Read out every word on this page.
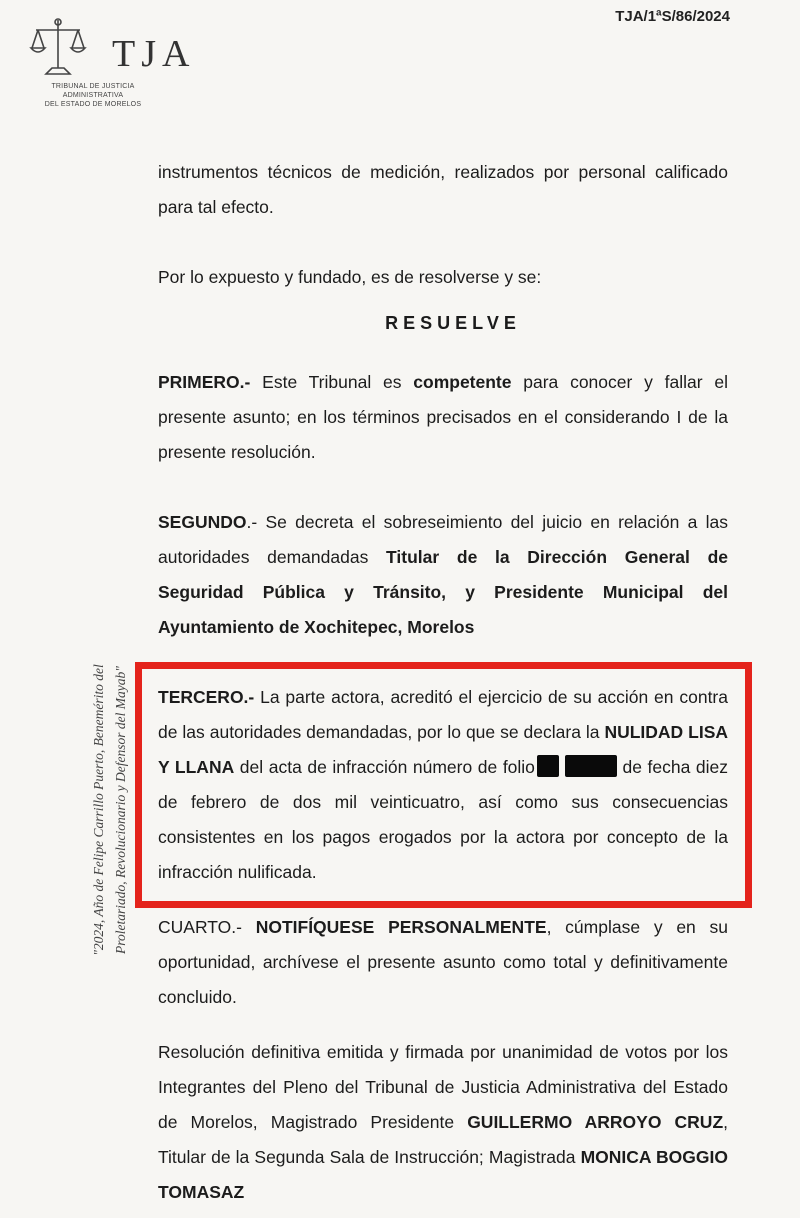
TJA
TRIBUNAL DE JUSTICIA ADMINISTRATIVA
DEL ESTADO DE MORELOS
TJA/1ªS/86/2024
"2024, Año de Felipe Carrillo Puerto, Benemérito del Proletariado, Revolucionario y Defensor del Mayab"

instrumentos técnicos de medición, realizados por personal calificado para tal efecto.

Por lo expuesto y fundado, es de resolverse y se:

RESUELVE

PRIMERO.- Este Tribunal es competente para conocer y fallar el presente asunto; en los términos precisados en el considerando I de la presente resolución.

SEGUNDO.- Se decreta el sobreseimiento del juicio en relación a las autoridades demandadas Titular de la Dirección General de Seguridad Pública y Tránsito, y Presidente Municipal del Ayuntamiento de Xochitepec, Morelos

TERCERO.- La parte actora, acreditó el ejercicio de su acción en contra de las autoridades demandadas, por lo que se declara la NULIDAD LISA Y LLANA del acta de infracción número de folio	de fecha diez de febrero de dos mil veinticuatro, así como sus consecuencias consistentes en los pagos erogados por la actora por concepto de la infracción nulificada.

CUARTO.- NOTIFÍQUESE PERSONALMENTE, cúmplase y en su oportunidad, archívese el presente asunto como total y definitivamente concluido.

Resolución definitiva emitida y firmada por unanimidad de votos por los Integrantes del Pleno del Tribunal de Justicia Administrativa del Estado de Morelos, Magistrado Presidente GUILLERMO ARROYO CRUZ, Titular de la Segunda Sala de Instrucción; Magistrada MONICA BOGGIO TOMASAZ
